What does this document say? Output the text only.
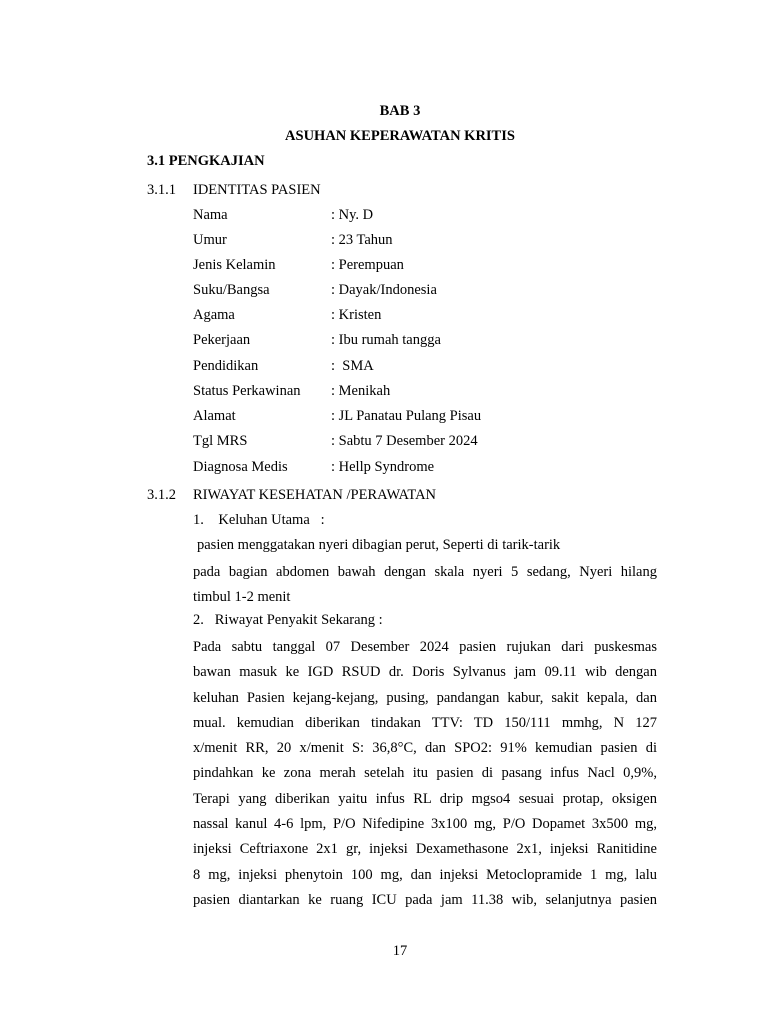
BAB 3
ASUHAN KEPERAWATAN KRITIS
3.1 PENGKAJIAN
3.1.1 IDENTITAS PASIEN
Nama	: Ny. D
Umur	: 23 Tahun
Jenis Kelamin	: Perempuan
Suku/Bangsa	: Dayak/Indonesia
Agama	: Kristen
Pekerjaan	: Ibu rumah tangga
Pendidikan	:  SMA
Status Perkawinan : Menikah
Alamat	: JL Panatau Pulang Pisau
Tgl MRS	: Sabtu 7 Desember 2024
Diagnosa Medis	: Hellp Syndrome
3.1.2 RIWAYAT KESEHATAN /PERAWATAN
1.    Keluhan Utama   :
pasien menggatakan nyeri dibagian perut, Seperti di tarik-tarik
pada bagian abdomen bawah dengan skala nyeri 5 sedang, Nyeri hilang
timbul 1-2 menit
2.   Riwayat Penyakit Sekarang :
Pada sabtu tanggal 07 Desember 2024 pasien rujukan dari puskesmas
bawan masuk ke IGD RSUD dr. Doris Sylvanus jam 09.11 wib dengan
keluhan Pasien kejang-kejang, pusing, pandangan kabur, sakit kepala, dan
mual. kemudian diberikan tindakan TTV: TD 150/111 mmhg, N 127
x/menit RR, 20 x/menit S: 36,8°C, dan SPO2: 91% kemudian pasien di
pindahkan ke zona merah setelah itu pasien di pasang infus Nacl 0,9%,
Terapi yang diberikan yaitu infus RL drip mgso4 sesuai protap, oksigen
nassal kanul 4-6 lpm, P/O Nifedipine 3x100 mg, P/O Dopamet 3x500 mg,
injeksi Ceftriaxone 2x1 gr, injeksi Dexamethasone 2x1, injeksi Ranitidine
8 mg, injeksi phenytoin 100 mg, dan injeksi Metoclopramide 1 mg, lalu
pasien diantarkan ke ruang ICU pada jam 11.38 wib, selanjutnya pasien
17
